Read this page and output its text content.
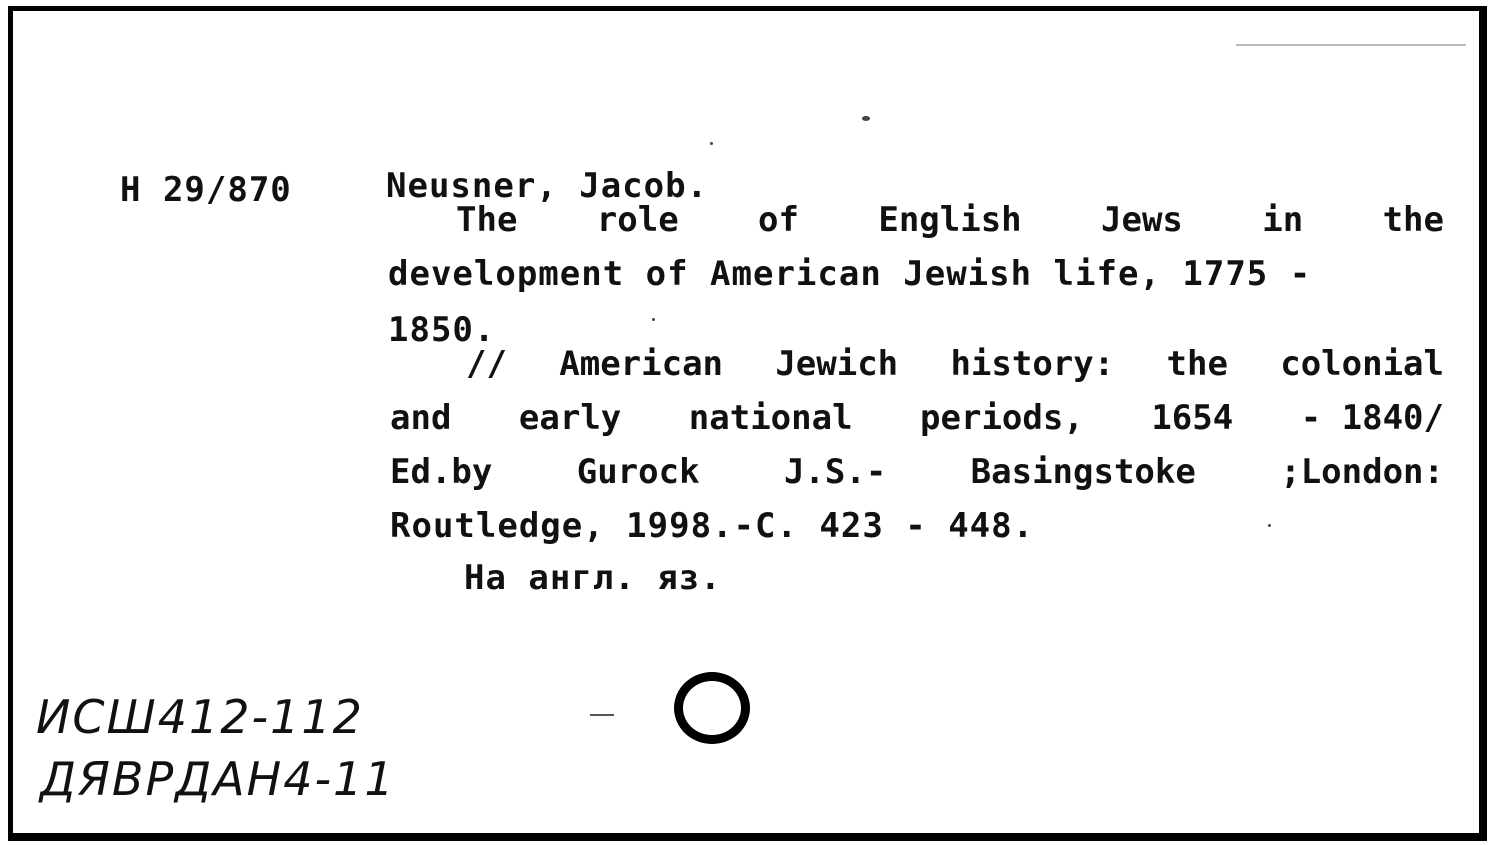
H 29/870	Neusner, Jacob.
The role of English Jews in the
development of American Jewish life, 1775 -
1850.
// American Jewich history: the colonial
and early national periods, 1654 - 1840/
Ed.by Gurock J.S.- Basingstoke ;London:
Routledge, 1998.-C. 423 - 448.
На англ. яз.
ИСШ412-112
ДЯВРДАН4-11
